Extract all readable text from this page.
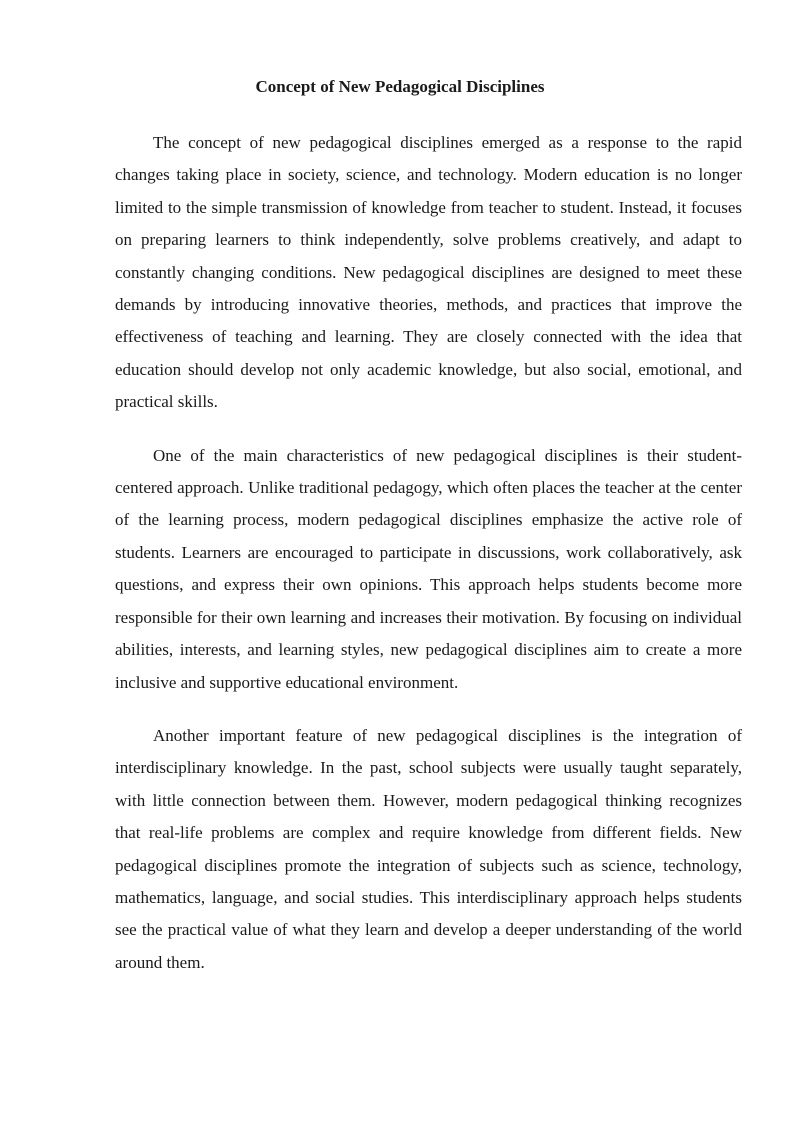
Concept of New Pedagogical Disciplines

The concept of new pedagogical disciplines emerged as a response to the rapid changes taking place in society, science, and technology. Modern education is no longer limited to the simple transmission of knowledge from teacher to student. Instead, it focuses on preparing learners to think independently, solve problems creatively, and adapt to constantly changing conditions. New pedagogical disciplines are designed to meet these demands by introducing innovative theories, methods, and practices that improve the effectiveness of teaching and learning. They are closely connected with the idea that education should develop not only academic knowledge, but also social, emotional, and practical skills.

One of the main characteristics of new pedagogical disciplines is their student-centered approach. Unlike traditional pedagogy, which often places the teacher at the center of the learning process, modern pedagogical disciplines emphasize the active role of students. Learners are encouraged to participate in discussions, work collaboratively, ask questions, and express their own opinions. This approach helps students become more responsible for their own learning and increases their motivation. By focusing on individual abilities, interests, and learning styles, new pedagogical disciplines aim to create a more inclusive and supportive educational environment.

Another important feature of new pedagogical disciplines is the integration of interdisciplinary knowledge. In the past, school subjects were usually taught separately, with little connection between them. However, modern pedagogical thinking recognizes that real-life problems are complex and require knowledge from different fields. New pedagogical disciplines promote the integration of subjects such as science, technology, mathematics, language, and social studies. This interdisciplinary approach helps students see the practical value of what they learn and develop a deeper understanding of the world around them.
